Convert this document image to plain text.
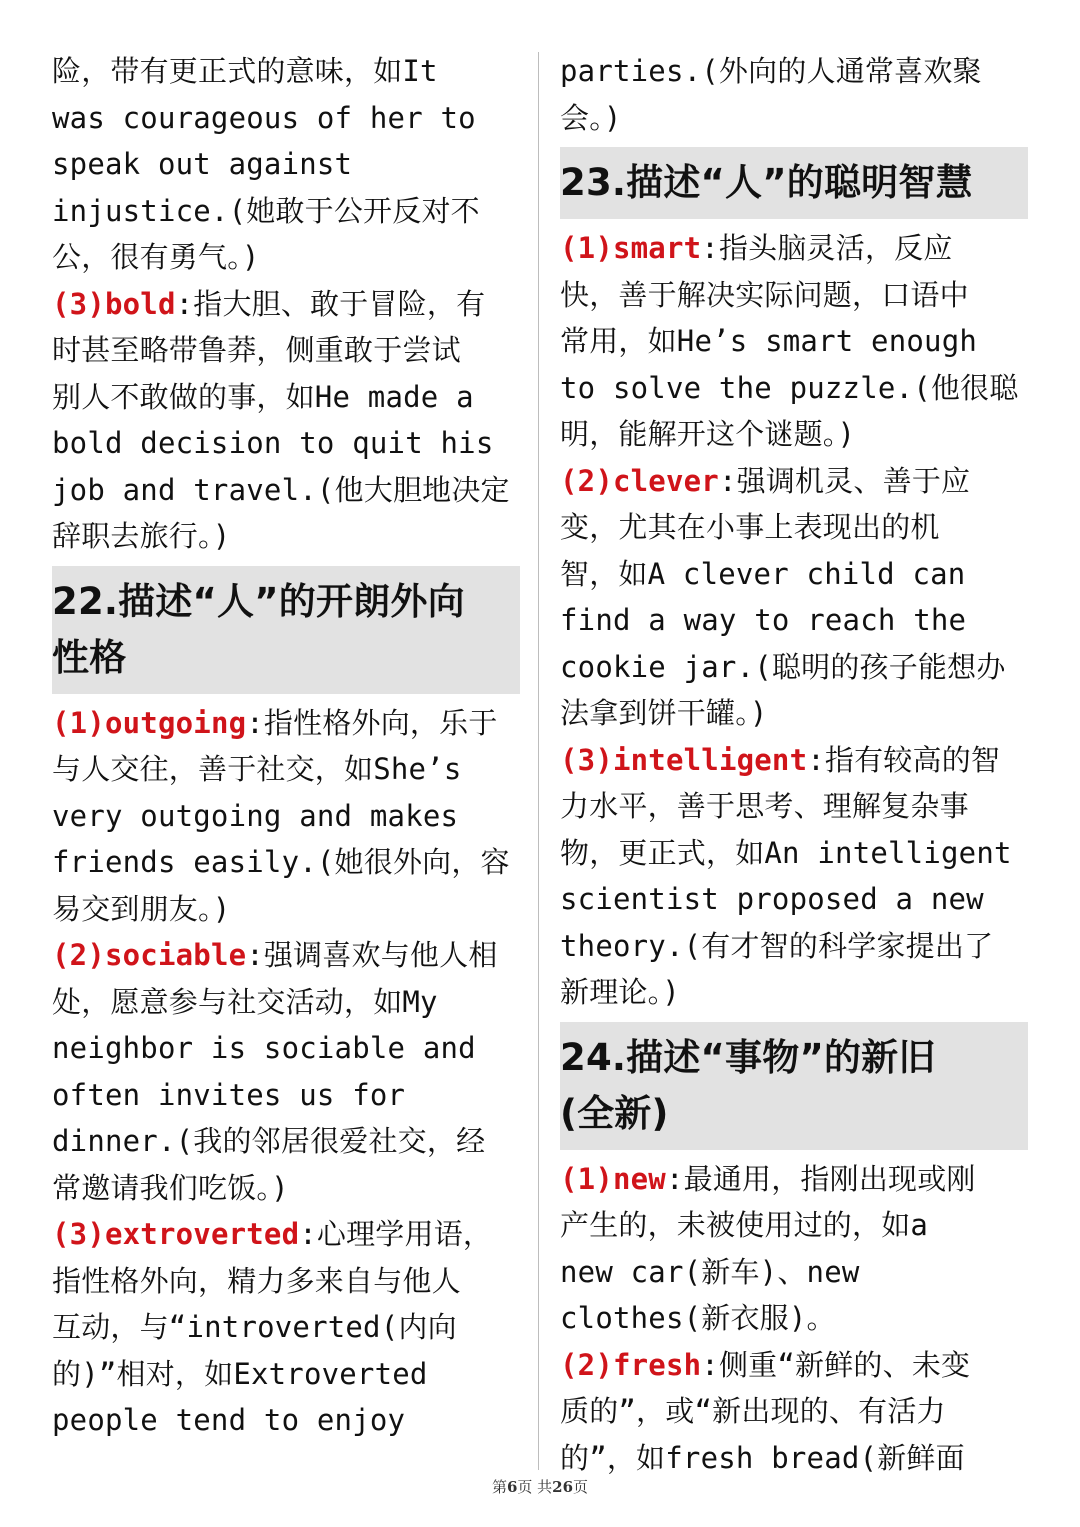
险，带有更正式的意味，如It
was courageous of her to
speak out against
injustice.(她敢于公开反对不
公，很有勇气。)
(3)bold:指大胆、敢于冒险，有
时甚至略带鲁莽，侧重敢于尝试
别人不敢做的事，如He made a
bold decision to quit his
job and travel.(他大胆地决定
辞职去旅行。)
22.描述“人”的开朗外向
性格
(1)outgoing:指性格外向，乐于
与人交往，善于社交，如She’s
very outgoing and makes
friends easily.(她很外向，容
易交到朋友。)
(2)sociable:强调喜欢与他人相
处，愿意参与社交活动，如My
neighbor is sociable and
often invites us for
dinner.(我的邻居很爱社交，经
常邀请我们吃饭。)
(3)extroverted:心理学用语，
指性格外向，精力多来自与他人
互动，与“introverted(内向
的)”相对，如Extroverted
people tend to enjoy
parties.(外向的人通常喜欢聚
会。)
23.描述“人”的聪明智慧
(1)smart:指头脑灵活，反应
快，善于解决实际问题，口语中
常用，如He’s smart enough
to solve the puzzle.(他很聪
明，能解开这个谜题。)
(2)clever:强调机灵、善于应
变，尤其在小事上表现出的机
智，如A clever child can
find a way to reach the
cookie jar.(聪明的孩子能想办
法拿到饼干罐。)
(3)intelligent:指有较高的智
力水平，善于思考、理解复杂事
物，更正式，如An intelligent
scientist proposed a new
theory.(有才智的科学家提出了
新理论。)
24.描述“事物”的新旧
(全新)
(1)new:最通用，指刚出现或刚
产生的，未被使用过的，如a
new car(新车)、new
clothes(新衣服)。
(2)fresh:侧重“新鲜的、未变
质的”，或“新出现的、有活力
的”，如fresh bread(新鲜面
第6页 共26页
